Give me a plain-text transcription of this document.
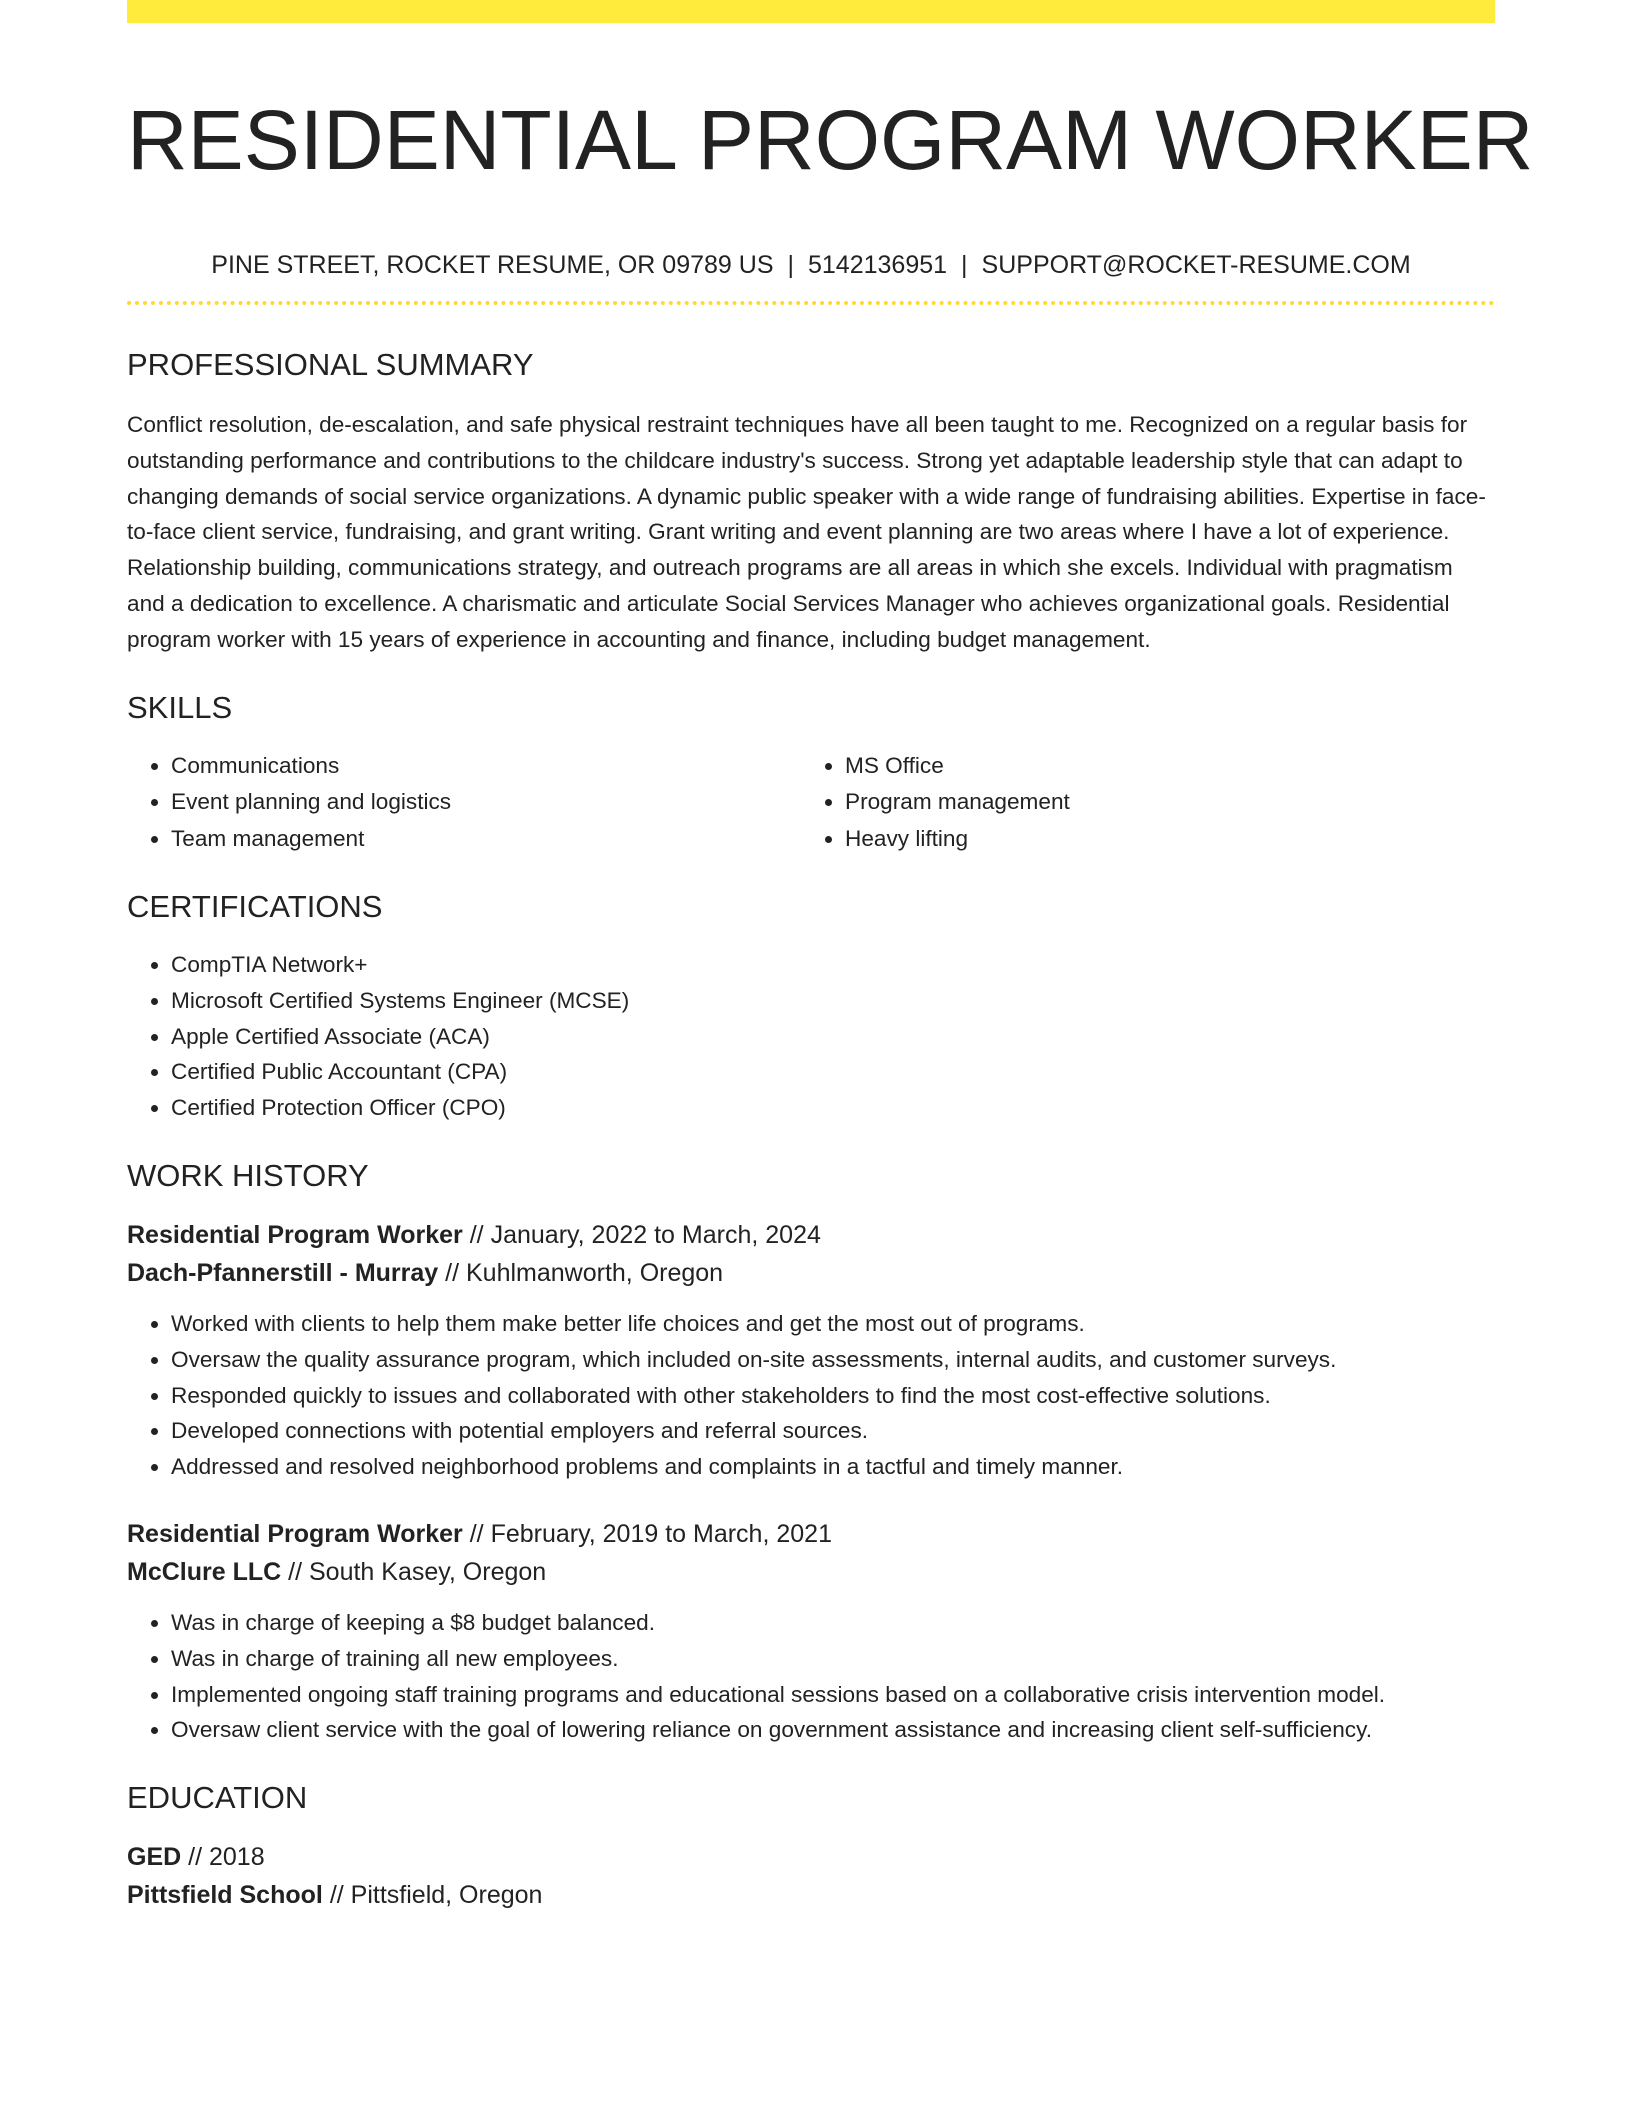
RESIDENTIAL PROGRAM WORKER
PINE STREET, ROCKET RESUME, OR 09789 US | 5142136951 | SUPPORT@ROCKET-RESUME.COM
PROFESSIONAL SUMMARY

Conflict resolution, de-escalation, and safe physical restraint techniques have all been taught to me. Recognized on a regular basis for outstanding performance and contributions to the childcare industry's success. Strong yet adaptable leadership style that can adapt to changing demands of social service organizations. A dynamic public speaker with a wide range of fundraising abilities. Expertise in face-to-face client service, fundraising, and grant writing. Grant writing and event planning are two areas where I have a lot of experience. Relationship building, communications strategy, and outreach programs are all areas in which she excels. Individual with pragmatism and a dedication to excellence. A charismatic and articulate Social Services Manager who achieves organizational goals. Residential program worker with 15 years of experience in accounting and finance, including budget management.

SKILLS
• Communications
• Event planning and logistics
• Team management
• MS Office
• Program management
• Heavy lifting
CERTIFICATIONS
• CompTIA Network+
• Microsoft Certified Systems Engineer (MCSE)
• Apple Certified Associate (ACA)
• Certified Public Accountant (CPA)
• Certified Protection Officer (CPO)
WORK HISTORY
Residential Program Worker // January, 2022 to March, 2024
Dach-Pfannerstill - Murray // Kuhlmanworth, Oregon
• Worked with clients to help them make better life choices and get the most out of programs.
• Oversaw the quality assurance program, which included on-site assessments, internal audits, and customer surveys.
• Responded quickly to issues and collaborated with other stakeholders to find the most cost-effective solutions.
• Developed connections with potential employers and referral sources.
• Addressed and resolved neighborhood problems and complaints in a tactful and timely manner.
Residential Program Worker // February, 2019 to March, 2021
McClure LLC // South Kasey, Oregon
• Was in charge of keeping a $8 budget balanced.
• Was in charge of training all new employees.
• Implemented ongoing staff training programs and educational sessions based on a collaborative crisis intervention model.
• Oversaw client service with the goal of lowering reliance on government assistance and increasing client self-sufficiency.
EDUCATION
GED // 2018
Pittsfield School // Pittsfield, Oregon
